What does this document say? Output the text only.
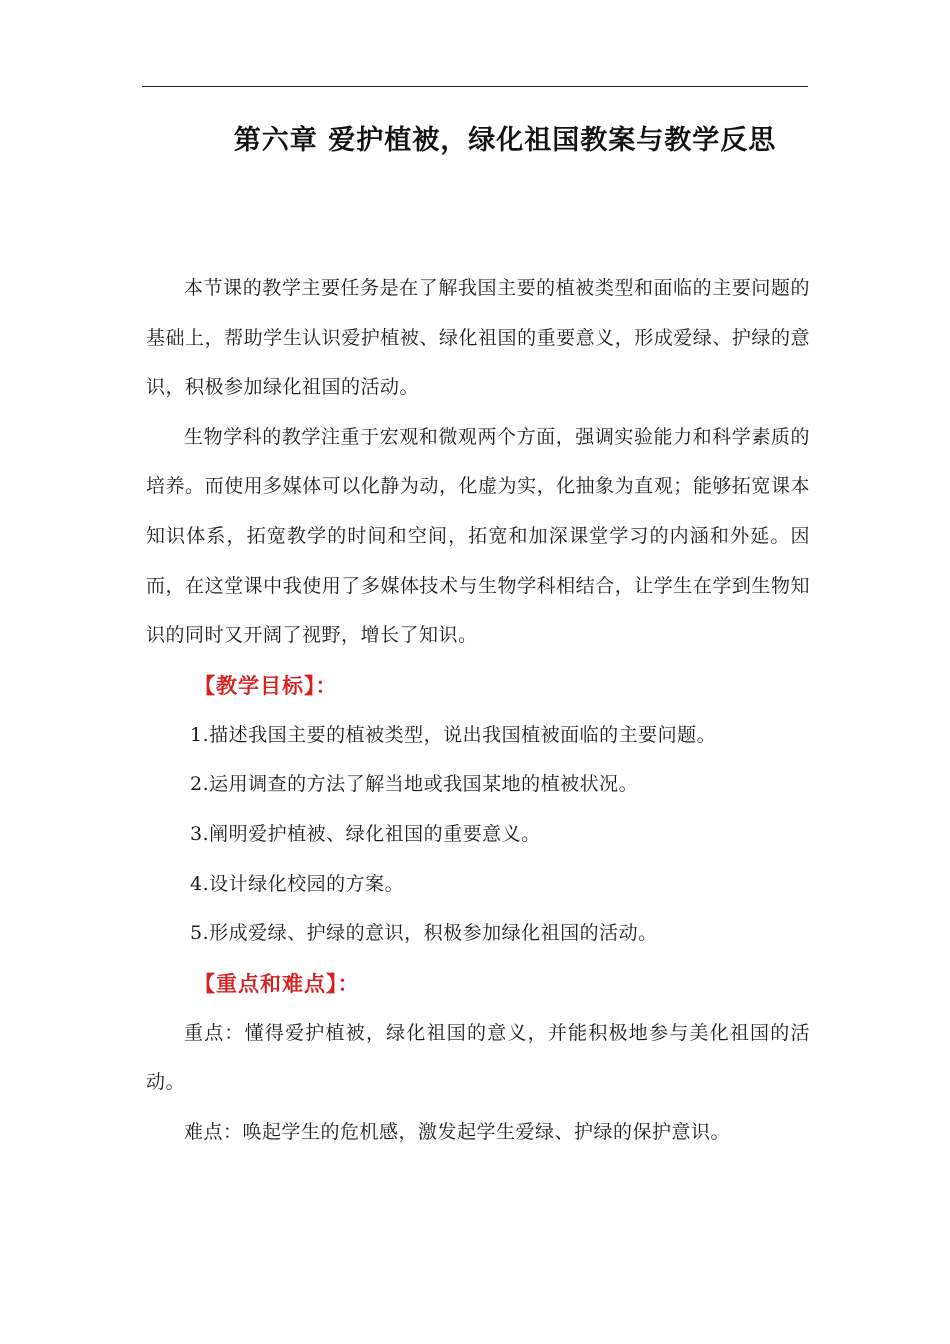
第六章 爱护植被，绿化祖国教案与教学反思

本节课的教学主要任务是在了解我国主要的植被类型和面临的主要问题的基础上，帮助学生认识爱护植被、绿化祖国的重要意义，形成爱绿、护绿的意识，积极参加绿化祖国的活动。

生物学科的教学注重于宏观和微观两个方面，强调实验能力和科学素质的培养。而使用多媒体可以化静为动，化虚为实，化抽象为直观；能够拓宽课本知识体系，拓宽教学的时间和空间，拓宽和加深课堂学习的内涵和外延。因而，在这堂课中我使用了多媒体技术与生物学科相结合，让学生在学到生物知识的同时又开阔了视野，增长了知识。

【教学目标】：

1.描述我国主要的植被类型，说出我国植被面临的主要问题。

2.运用调查的方法了解当地或我国某地的植被状况。

3.阐明爱护植被、绿化祖国的重要意义。

4.设计绿化校园的方案。

5.形成爱绿、护绿的意识，积极参加绿化祖国的活动。

【重点和难点】：

重点：懂得爱护植被，绿化祖国的意义，并能积极地参与美化祖国的活动。

难点：唤起学生的危机感，激发起学生爱绿、护绿的保护意识。
